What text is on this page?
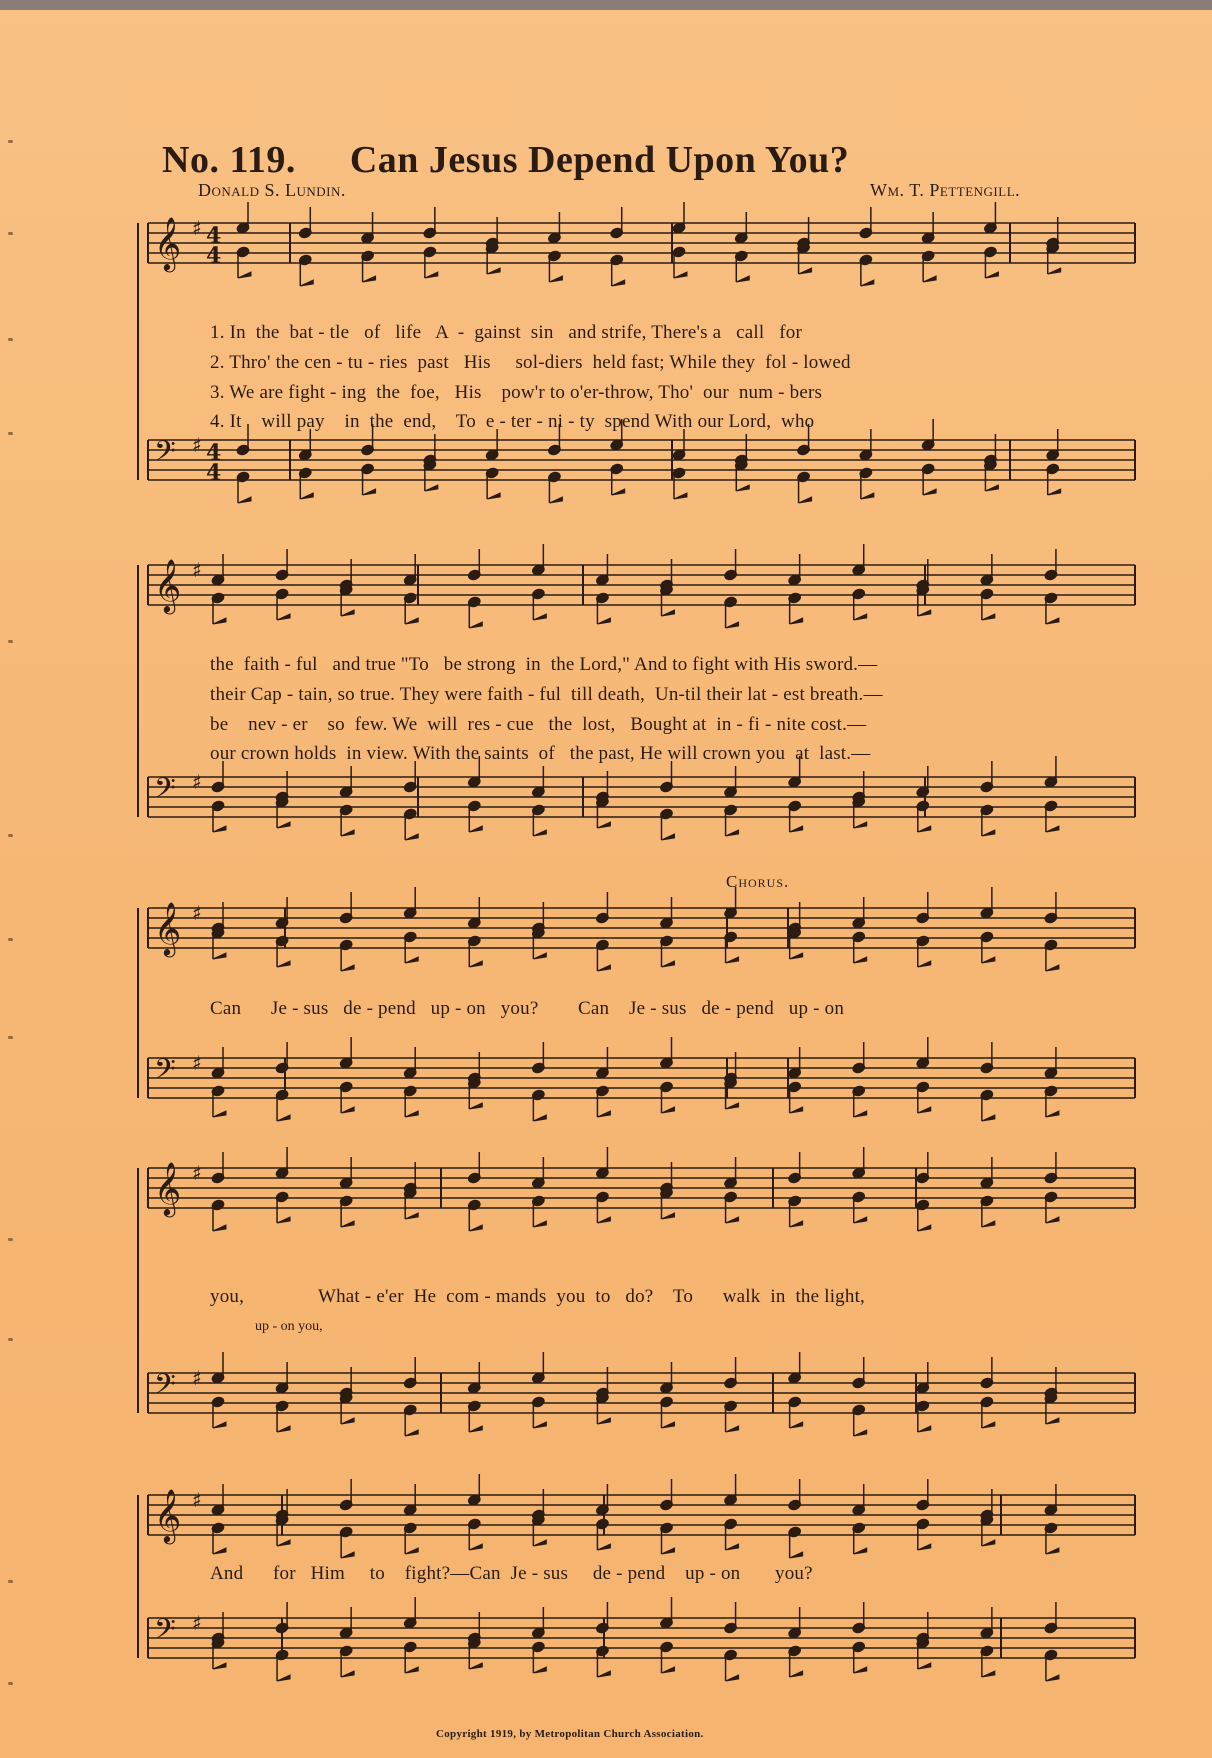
No. 119. Can Jesus Depend Upon You?
Donald S. Lundin.	Wm. T. Pettengill.
1. In  the  bat - tle   of   life   A  -  gainst  sin   and strife, There's a   call   for
2. Thro' the cen - tu - ries  past   His     sol-diers  held fast; While they  fol - lowed
3. We are fight - ing  the  foe,   His    pow'r to o'er-throw, Tho'  our  num - bers
4. It    will pay    in  the  end,    To  e - ter - ni - ty  spend With our Lord,  who
the  faith - ful   and true "To   be strong  in  the Lord," And to fight with His sword.—
their Cap - tain, so true. They were faith - ful  till death,  Un-til their lat - est breath.—
be    nev - er    so  few. We  will  res - cue   the  lost,   Bought at  in - fi - nite cost.—
our crown holds  in view. With the saints  of   the past, He will crown you  at  last.—
Chorus.
Can      Je - sus   de - pend   up - on   you?        Can    Je - sus   de - pend   up - on
you,               What - e'er  He  com - mands  you  to   do?    To      walk  in  the light,
up - on you,
And      for   Him     to    fight?—Can  Je - sus     de - pend    up - on       you?
Copyright 1919, by Metropolitan Church Association.
𝄞 ♯
𝄢 ♯
𝄞 ♯
𝄢 ♯
𝄞 ♯
𝄢 ♯
𝄞 ♯
𝄢 ♯
𝄞 ♯
𝄢 ♯
4
4
4
4
